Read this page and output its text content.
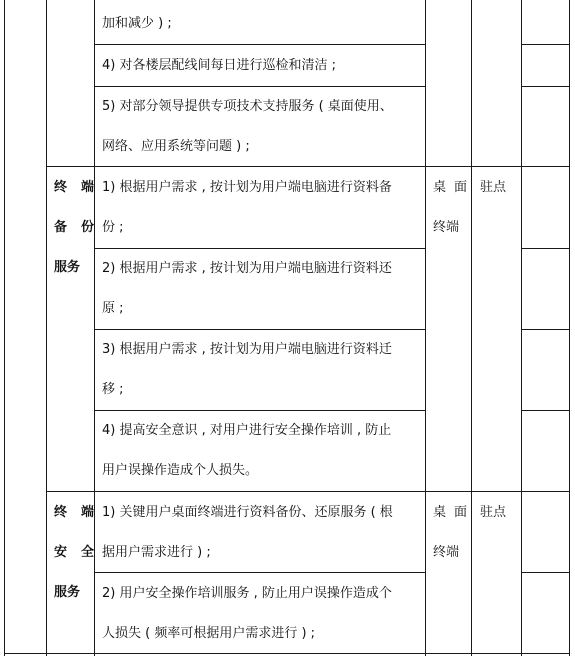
加和减少 ) ;
4) 对各楼层配线间每日进行巡检和清洁 ;
5) 对部分领导提供专项技术支持服务 ( 桌面使用、
网络、应用系统等问题 ) ;
终端
备份
服务
桌面
终端
驻点
1) 根据用户需求 , 按计划为用户端电脑进行资料备
份 ;
2) 根据用户需求 , 按计划为用户端电脑进行资料还
原 ;
3) 根据用户需求 , 按计划为用户端电脑进行资料迁
移 ;
4) 提高安全意识 , 对用户进行安全操作培训 , 防止
用户误操作造成个人损失。
终端
安全
服务
桌面
终端
驻点
1) 关键用户桌面终端进行资料备份、还原服务 ( 根
据用户需求进行 ) ;
2) 用户安全操作培训服务 , 防止用户误操作造成个
人损失 ( 频率可根据用户需求进行 ) ;
